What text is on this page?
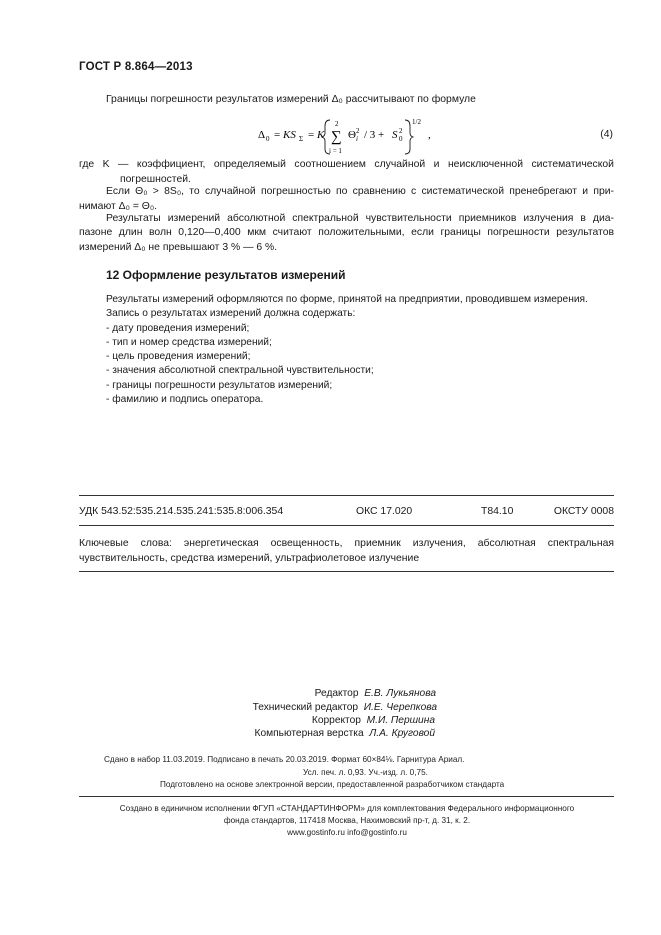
ГОСТ Р 8.864—2013
Границы погрешности результатов измерений Δ₀ рассчитывают по формуле
Δ 0 = KS Σ = K
2
∑
i = 1
Θ 2
i / 3 + S 2
0
1/2
,	(4)
где K — коэффициент, определяемый соотношением случайной и неисключенной систематической
погрешностей.
Если Θ₀ > 8S₀, то случайной погрешностью по сравнению с систематической пренебрегают и при-
нимают Δ₀ = Θ₀.
Результаты измерений абсолютной спектральной чувствительности приемников излучения в диа-
пазоне длин волн 0,120—0,400 мкм считают положительными, если границы погрешности результатов
измерений Δ₀ не превышают 3 % — 6 %.
12 Оформление результатов измерений
Результаты измерений оформляются по форме, принятой на предприятии, проводившем измерения.
Запись о результатах измерений должна содержать:
- дату проведения измерений;
- тип и номер средства измерений;
- цель проведения измерений;
- значения абсолютной спектральной чувствительности;
- границы погрешности результатов измерений;
- фамилию и подпись оператора.
УДК 543.52:535.214.535.241:535.8:006.354	ОКС 17.020	Т84.10	ОКСТУ 0008
Ключевые слова: энергетическая освещенность, приемник излучения, абсолютная спектральная
чувствительность, средства измерений, ультрафиолетовое излучение
Редактор Е.В. Лукьянова
Технический редактор И.Е. Черепкова
Корректор М.И. Першина
Компьютерная верстка Л.А. Круговой
Сдано в набор 11.03.2019. Подписано в печать 20.03.2019. Формат 60×84⅛. Гарнитура Ариал.
Усл. печ. л. 0,93. Уч.-изд. л. 0,75.
Подготовлено на основе электронной версии, предоставленной разработчиком стандарта
Создано в единичном исполнении ФГУП «СТАНДАРТИНФОРМ» для комплектования Федерального информационного
фонда стандартов, 117418 Москва, Нахимовский пр-т, д. 31, к. 2.
www.gostinfo.ru info@gostinfo.ru
